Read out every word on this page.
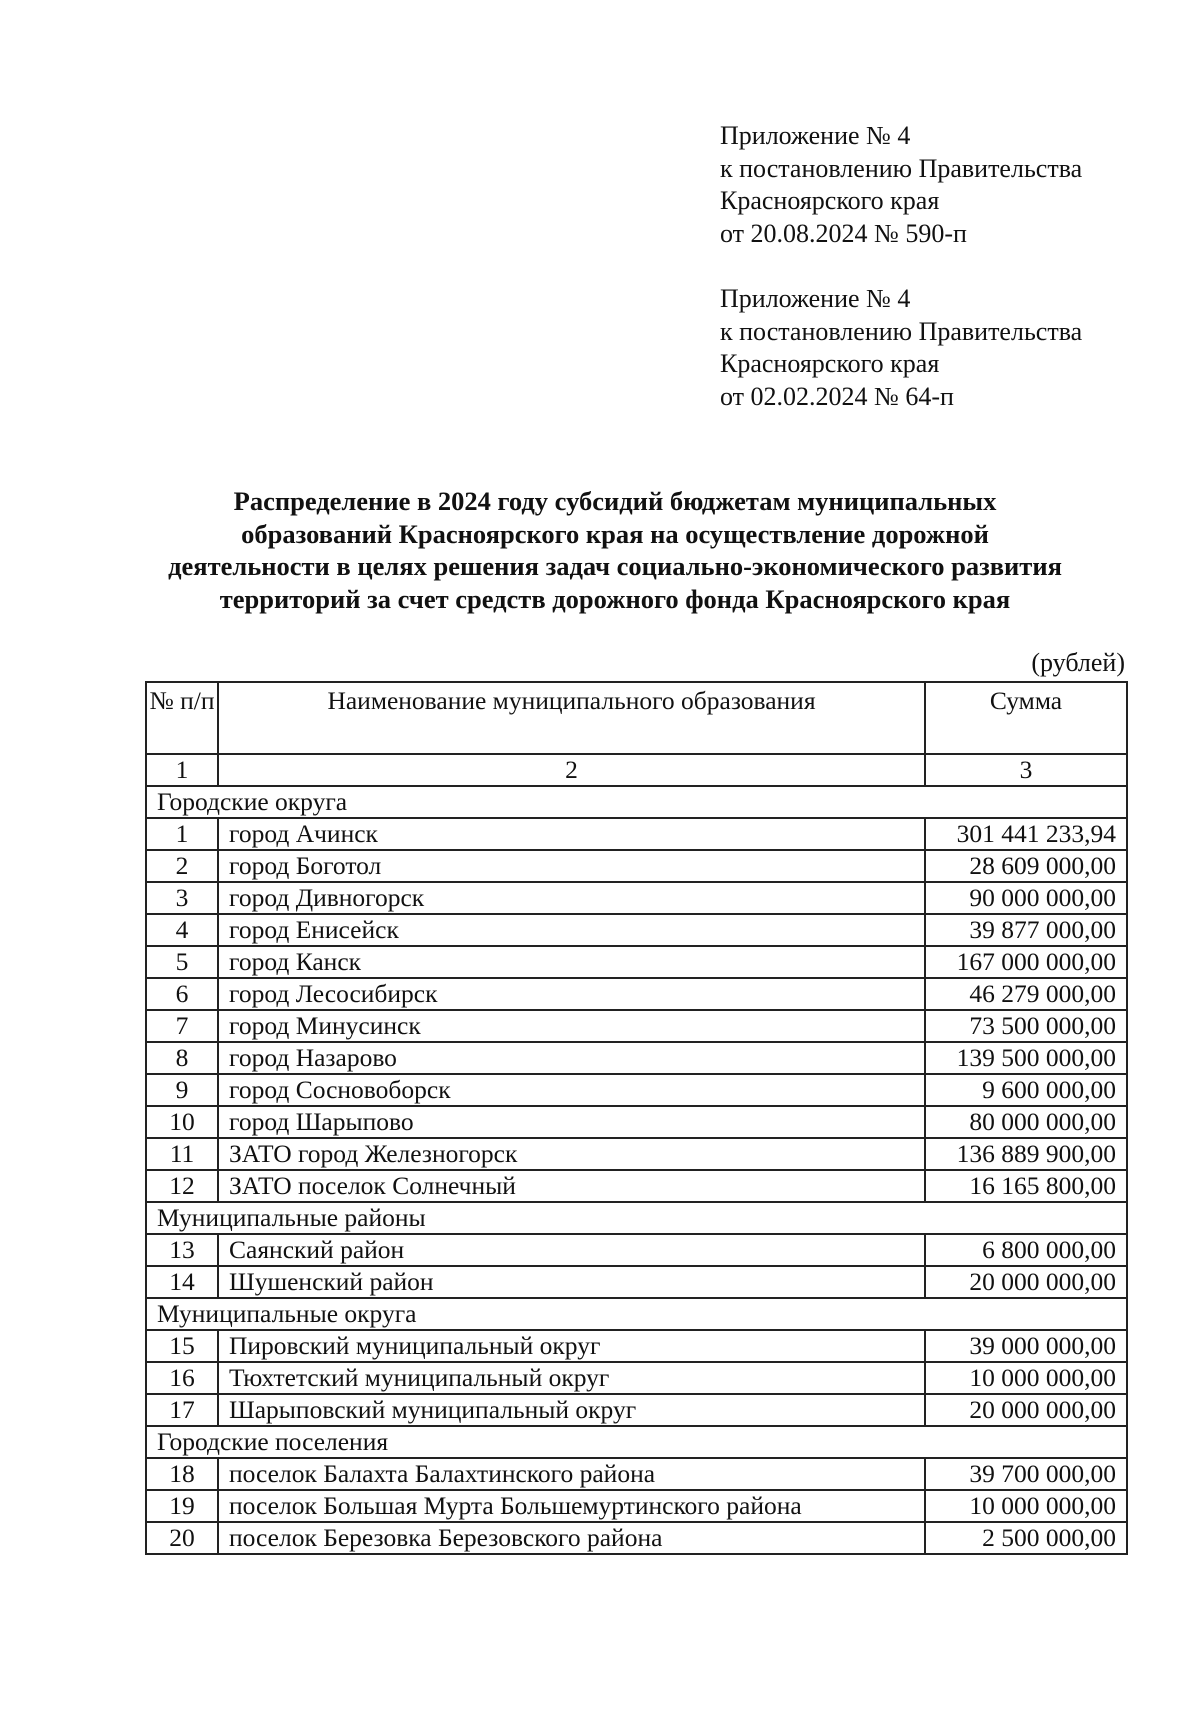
Приложение № 4
к постановлению Правительства
Красноярского края
от 20.08.2024 № 590-п
Приложение № 4
к постановлению Правительства
Красноярского края
от 02.02.2024 № 64-п
Распределение в 2024 году субсидий бюджетам муниципальных
образований Красноярского края на осуществление дорожной
деятельности в целях решения задач социально-экономического развития
территорий за счет средств дорожного фонда Красноярского края
(рублей)
№ п/п	Наименование муниципального образования	Сумма
1	2	3
Городские округа		
1	город Ачинск	301 441 233,94
2	город Боготол	28 609 000,00
3	город Дивногорск	90 000 000,00
4	город Енисейск	39 877 000,00
5	город Канск	167 000 000,00
6	город Лесосибирск	46 279 000,00
7	город Минусинск	73 500 000,00
8	город Назарово	139 500 000,00
9	город Сосновоборск	9 600 000,00
10	город Шарыпово	80 000 000,00
11	ЗАТО город Железногорск	136 889 900,00
12	ЗАТО поселок Солнечный	16 165 800,00
Муниципальные районы		
13	Саянский район	6 800 000,00
14	Шушенский район	20 000 000,00
Муниципальные округа		
15	Пировский муниципальный округ	39 000 000,00
16	Тюхтетский муниципальный округ	10 000 000,00
17	Шарыповский муниципальный округ	20 000 000,00
Городские поселения		
18	поселок Балахта Балахтинского района	39 700 000,00
19	поселок Большая Мурта Большемуртинского района	10 000 000,00
20	поселок Березовка Березовского района	2 500 000,00
